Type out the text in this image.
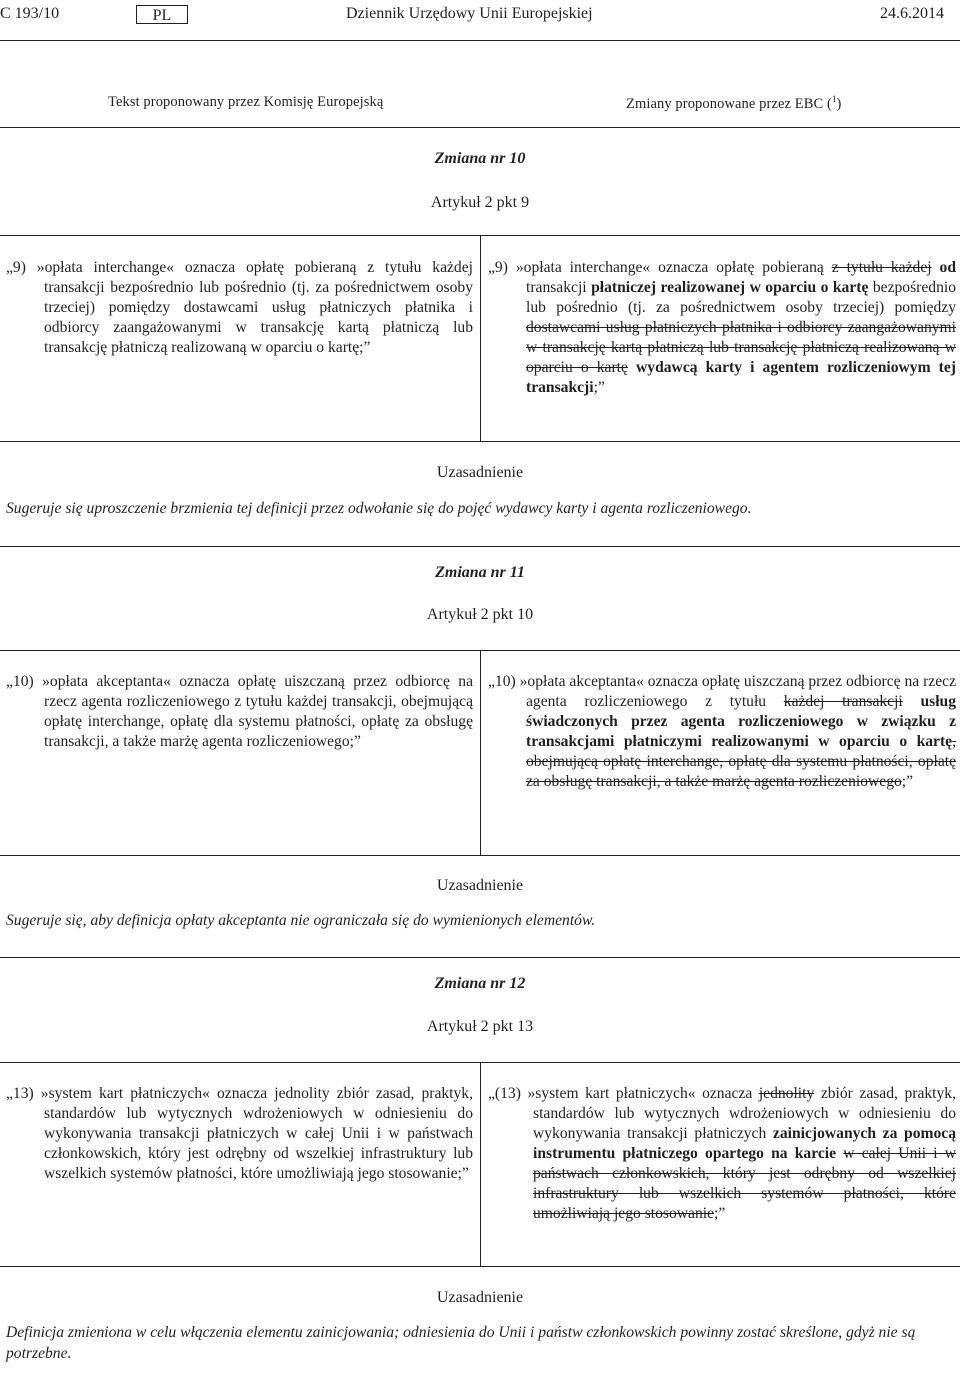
C 193/10	PL	Dziennik Urzędowy Unii Europejskiej	24.6.2014
Tekst proponowany przez Komisję Europejską	Zmiany proponowane przez EBC ($^1$)
Zmiana nr 10
Artykuł 2 pkt 9
„9) »opłata interchange« oznacza opłatę pobieraną z tytułu każdej transakcji bezpośrednio lub pośrednio (tj. za pośrednictwem osoby trzeciej) pomiędzy dostawcami usług płatniczych płatnika i odbiorcy zaangażowanymi w transakcję kartą płatniczą lub transakcję płatniczą realizowaną w oparciu o kartę;”
„9) »opłata interchange« oznacza opłatę pobieraną z tytułu każdej od transakcji płatniczej realizowanej w oparciu o kartę bezpośrednio lub pośrednio (tj. za pośrednictwem osoby trzeciej) pomiędzy dostawcami usług płatniczych płatnika i odbiorcy zaangażowanymi w transakcję kartą płatniczą lub transakcję płatniczą realizowaną w oparciu o kartę wydawcą karty i agentem rozliczeniowym tej transakcji;”
Uzasadnienie
Sugeruje się uproszczenie brzmienia tej definicji przez odwołanie się do pojęć wydawcy karty i agenta rozliczeniowego.
Zmiana nr 11
Artykuł 2 pkt 10
„10) »opłata akceptanta« oznacza opłatę uiszczaną przez odbiorcę na rzecz agenta rozliczeniowego z tytułu każdej transakcji, obejmującą opłatę interchange, opłatę dla systemu płatności, opłatę za obsługę transakcji, a także marżę agenta rozliczeniowego;”
„10) »opłata akceptanta« oznacza opłatę uiszczaną przez odbiorcę na rzecz agenta rozliczeniowego z tytułu każdej transakcji usług świadczonych przez agenta rozliczeniowego w związku z transakcjami płatniczymi realizowanymi w oparciu o kartę, obejmującą opłatę interchange, opłatę dla systemu płatności, opłatę za obsługę transakcji, a także marżę agenta rozliczeniowego;”
Uzasadnienie
Sugeruje się, aby definicja opłaty akceptanta nie ograniczała się do wymienionych elementów.
Zmiana nr 12
Artykuł 2 pkt 13
„13) »system kart płatniczych« oznacza jednolity zbiór zasad, praktyk, standardów lub wytycznych wdrożeniowych w odniesieniu do wykonywania transakcji płatniczych w całej Unii i w państwach członkowskich, który jest odrębny od wszelkiej infrastruktury lub wszelkich systemów płatności, które umożliwiają jego stosowanie;”
„(13) »system kart płatniczych« oznacza jednolity zbiór zasad, praktyk, standardów lub wytycznych wdrożeniowych w odniesieniu do wykonywania transakcji płatniczych zainicjowanych za pomocą instrumentu płatniczego opartego na karcie w całej Unii i w państwach członkowskich, który jest odrębny od wszelkiej infrastruktury lub wszelkich systemów płatności, które umożliwiają jego stosowanie;”
Uzasadnienie
Definicja zmieniona w celu włączenia elementu zainicjowania; odniesienia do Unii i państw członkowskich powinny zostać skreślone, gdyż nie są potrzebne.
